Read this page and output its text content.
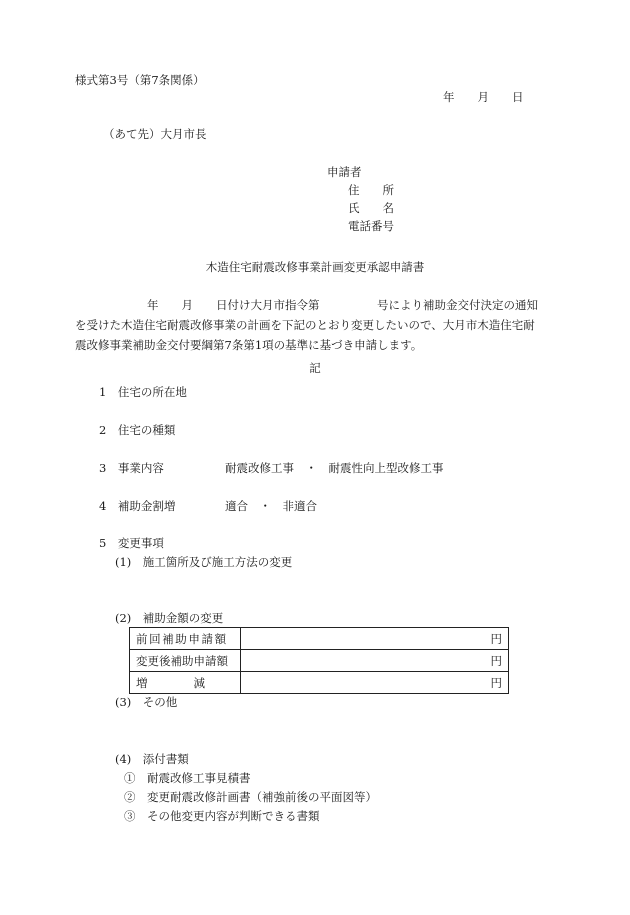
様式第3号（第7条関係）
年　　月　　日
（あて先）大月市長
申請者
住　　所
氏　　名
電話番号
木造住宅耐震改修事業計画変更承認申請書

年　　月　　日付け大月市指令第　　　　　号により補助金交付決定の通知

を受けた木造住宅耐震改修事業の計画を下記のとおり変更したいので、大月市木造住宅耐

震改修事業補助金交付要綱第7条第1項の基準に基づき申請します。

記
1　住宅の所在地
2　住宅の種類
3　事業内容	耐震改修工事　・　耐震性向上型改修工事
4　補助金割増	適合　・　非適合
5　変更事項
(1)　施工箇所及び施工方法の変更
(2)　補助金額の変更
前回補助申請額	円
変更後補助申請額	円
増　　　　減	円
(3)　その他
(4)　添付書類
①　耐震改修工事見積書
②　変更耐震改修計画書（補強前後の平面図等）
③　その他変更内容が判断できる書類
